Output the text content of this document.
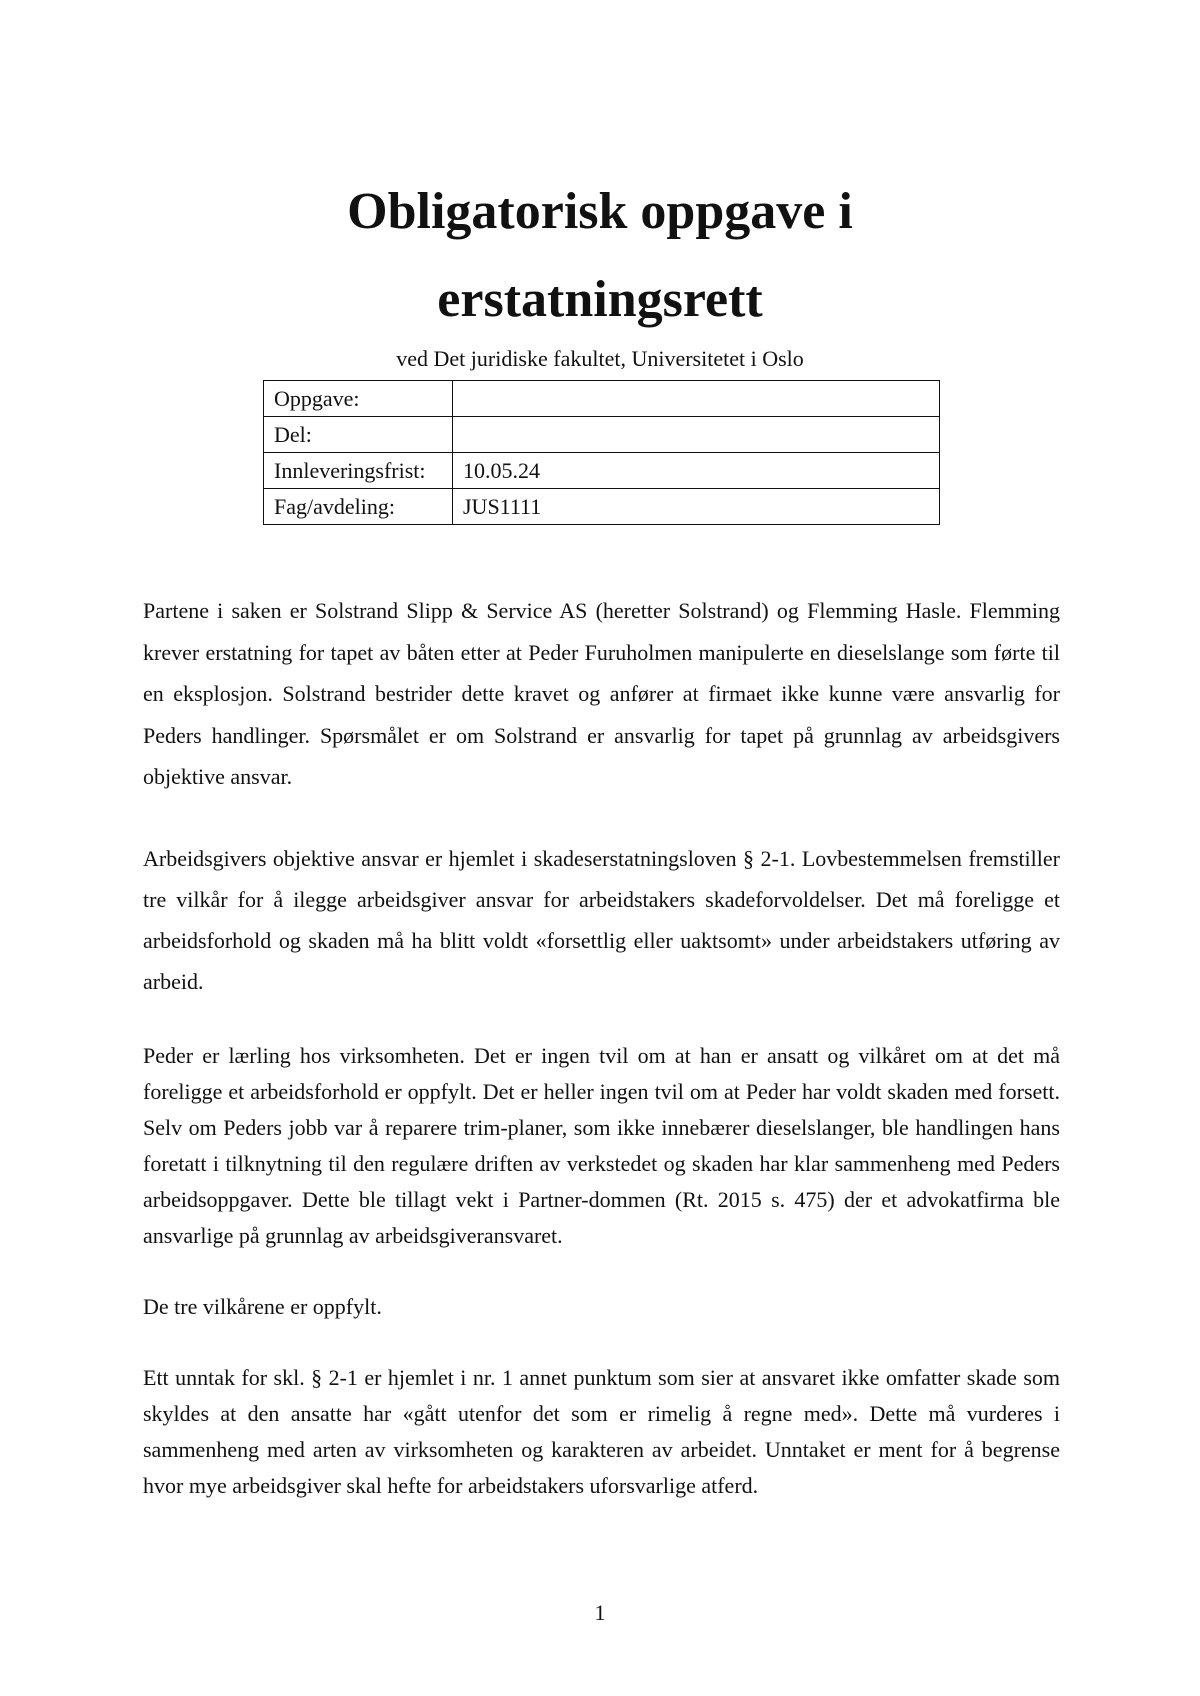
Obligatorisk oppgave i
erstatningsrett
ved Det juridiske fakultet, Universitetet i Oslo
Oppgave:	
Del:	
Innleveringsfrist:	10.05.24
Fag/avdeling:	JUS1111

Partene i saken er Solstrand Slipp & Service AS (heretter Solstrand) og Flemming Hasle. Flemming krever erstatning for tapet av båten etter at Peder Furuholmen manipulerte en dieselslange som førte til en eksplosjon. Solstrand bestrider dette kravet og anfører at firmaet ikke kunne være ansvarlig for Peders handlinger. Spørsmålet er om Solstrand er ansvarlig for tapet på grunnlag av arbeidsgivers objektive ansvar.

Arbeidsgivers objektive ansvar er hjemlet i skadeserstatningsloven § 2-1. Lovbestemmelsen fremstiller tre vilkår for å ilegge arbeidsgiver ansvar for arbeidstakers skadeforvoldelser. Det må foreligge et arbeidsforhold og skaden må ha blitt voldt «forsettlig eller uaktsomt» under arbeidstakers utføring av arbeid.

Peder er lærling hos virksomheten. Det er ingen tvil om at han er ansatt og vilkåret om at det må foreligge et arbeidsforhold er oppfylt. Det er heller ingen tvil om at Peder har voldt skaden med forsett. Selv om Peders jobb var å reparere trim-planer, som ikke innebærer dieselslanger, ble handlingen hans foretatt i tilknytning til den regulære driften av verkstedet og skaden har klar sammenheng med Peders arbeidsoppgaver. Dette ble tillagt vekt i Partner-dommen (Rt. 2015 s. 475) der et advokatfirma ble ansvarlige på grunnlag av arbeidsgiveransvaret.

De tre vilkårene er oppfylt.

Ett unntak for skl. § 2-1 er hjemlet i nr. 1 annet punktum som sier at ansvaret ikke omfatter skade som skyldes at den ansatte har «gått utenfor det som er rimelig å regne med». Dette må vurderes i sammenheng med arten av virksomheten og karakteren av arbeidet. Unntaket er ment for å begrense hvor mye arbeidsgiver skal hefte for arbeidstakers uforsvarlige atferd.

1
